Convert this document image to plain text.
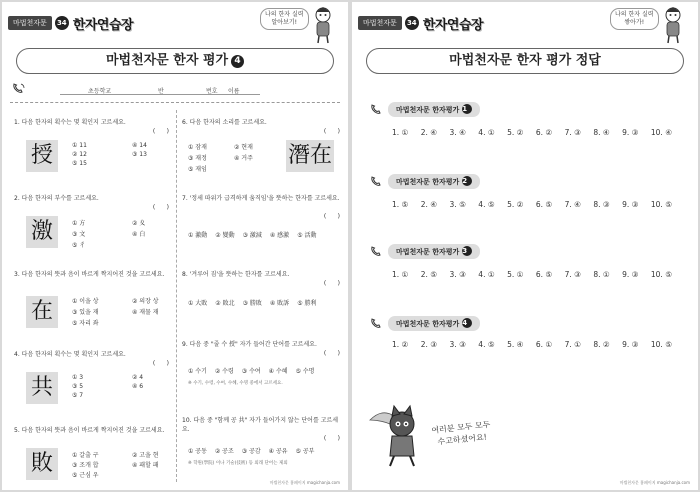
마법천자문	34 한자연습장
나의 한자 실력
알아보기!
마법천자문 한자 평가 4
초등학교	반	번호 이름
1. 다음 한자의 획수는 몇 획인지 고르세요.
(      )
授	① 11	④ 14
② 12	③ 13
⑤ 15
2. 다음 한자의 부수를 고르세요.
(      )
激	① 方	② 夊
③ 文	④ 白
⑤ 彳
3. 다음 한자의 뜻과 음이 바르게 짝지어진 것을 고르세요.
在	① 이을 상	② 의장 상
③ 있을 재	④ 재물 재
⑤ 자리 좌
4. 다음 한자의 획수는 몇 획인지 고르세요.
(      )
共	① 3	② 4
③ 5	④ 6
⑤ 7
5. 다음 한자의 뜻과 음이 바르게 짝지어진 것을 고르세요.
敗	① 갈출 구	② 고을 현
③ 조개 합	④ 패할 패
⑤ 근심 우
6. 다음 한자의 소리를 고르세요.
(      )
① 잠재	② 현재
③ 재정	④ 거주
⑤ 재임
潛在
7. '정세 따위가 급격하게 움직임'을 뜻하는 한자를 고르세요.
(      )
① 激動 ② 變動 ③ 激減 ④ 感激 ⑤ 活動
8. '겨루어 짐'을 뜻하는 한자를 고르세요.
(      )
① 大敗 ② 敗北 ③ 勝敗 ④ 敗訴 ⑤ 勝利
9. 다음 중 "줄 수 授" 자가 들어간 단어를 고르세요.
(      )
① 수기 ② 수령 ③ 수여 ④ 수혜 ⑤ 수명
※ 수기, 수령, 수여, 수혜, 수명 중에서 고르세요.
10. 다음 중 "함께 공 共" 자가 들어가지 않는 단어를 고르세요.
(      )
① 공동 ② 공조 ③ 공감 ④ 공유 ⑤ 공부
※ 학원(學院) 이나 기술(技術) 등 외래 단어는 제외
마법천자문 홈페이지 magichanja.com
마법천자문	34 한자연습장
나의 한자 실력
쌓아가!
마법천자문 한자 평가 정답
마법천자문 한자평가 1
1. ① 2. ④ 3. ④ 4. ① 5. ② 6. ② 7. ③ 8. ④ 9. ③ 10. ④
마법천자문 한자평가 2
1. ⑤ 2. ④ 3. ⑤ 4. ⑤ 5. ② 6. ⑤ 7. ④ 8. ③ 9. ③ 10. ⑤
마법천자문 한자평가 3
1. ① 2. ⑤ 3. ③ 4. ① 5. ① 6. ⑤ 7. ③ 8. ① 9. ③ 10. ⑤
마법천자문 한자평가 4
1. ② 2. ③ 3. ③ 4. ⑤ 5. ④ 6. ① 7. ① 8. ② 9. ③ 10. ⑤
여러분 모두 모두
수고하셨어요!
마법천자문 홈페이지 magichanja.com
